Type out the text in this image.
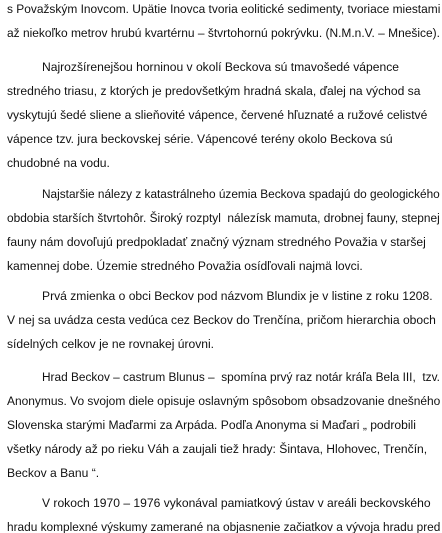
s Považským Inovcom. Upätie Inovca tvoria eolitické sedimenty, tvoriace miestami
až niekoľko metrov hrubú kvartérnu – štvrtohornú pokrývku. (N.M.n.V. – Mnešice).
Najrozšírenejšou horninou v okolí Beckova sú tmavošedé vápence
stredného triasu, z ktorých je predovšetkým hradná skala, ďalej na východ sa
vyskytujú šedé sliene a slieňovité vápence, červené hľuznaté a ružové celistvé
vápence tzv. jura beckovskej série. Vápencové terény okolo Beckova sú
chudobné na vodu.
Najstaršie nálezy z katastrálneho územia Beckova spadajú do geologického
obdobia starších štvrtohôr. Široký rozptyl  nálezísk mamuta, drobnej fauny, stepnej
fauny nám dovoľujú predpokladať značný význam stredného Považia v staršej
kamennej dobe. Územie stredného Považia osídľovali najmä lovci.
Prvá zmienka o obci Beckov pod názvom Blundix je v listine z roku 1208.
V nej sa uvádza cesta vedúca cez Beckov do Trenčína, pričom hierarchia oboch
sídelných celkov je ne rovnakej úrovni.
Hrad Beckov – castrum Blunus –  spomína prvý raz notár kráľa Bela III,  tzv.
Anonymus. Vo svojom diele opisuje oslavným spôsobom obsadzovanie dnešného
Slovenska starými Maďarmi za Arpáda. Podľa Anonyma si Maďari „ podrobili
všetky národy až po rieku Váh a zaujali tiež hrady: Šintava, Hlohovec, Trenčín,
Beckov a Banu “.
V rokoch 1970 – 1976 vykonával pamiatkový ústav v areáli beckovského
hradu komplexné výskumy zamerané na objasnenie začiatkov a vývoja hradu pred
